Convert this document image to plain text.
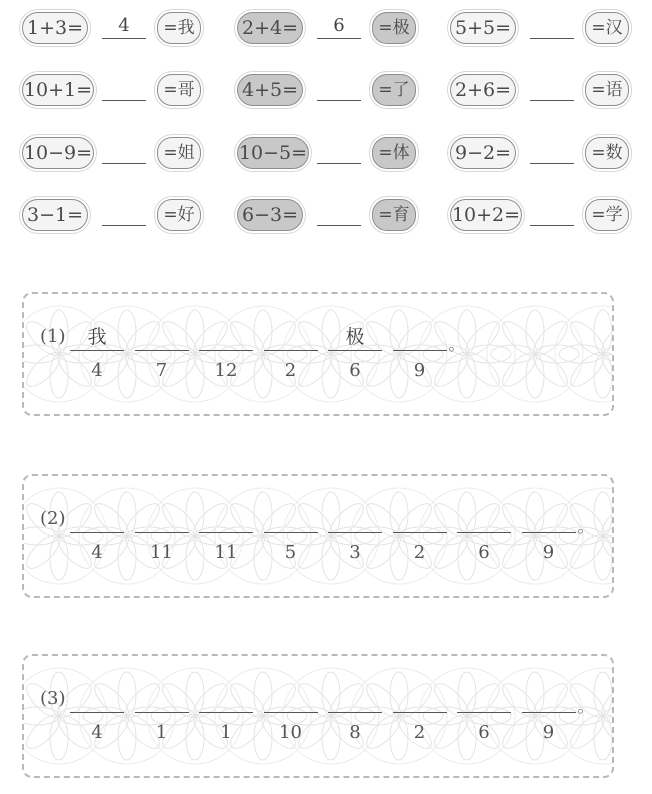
1+3=	4	=我	2+4=	6	=极	5+5=	=汉
10+1=	=哥	4+5=	=了	2+6=	=语
10−9=	=姐	10−5=	=体	9−2=	=数
3−1=	=好	6−3=	=育	10+2=	=学
(1)	我
4	7	12	2
极
6	9
。
(2)
4	11	11	5	3	2	6	9
。
(3)
4	1	1	10	8	2	6	9
。
